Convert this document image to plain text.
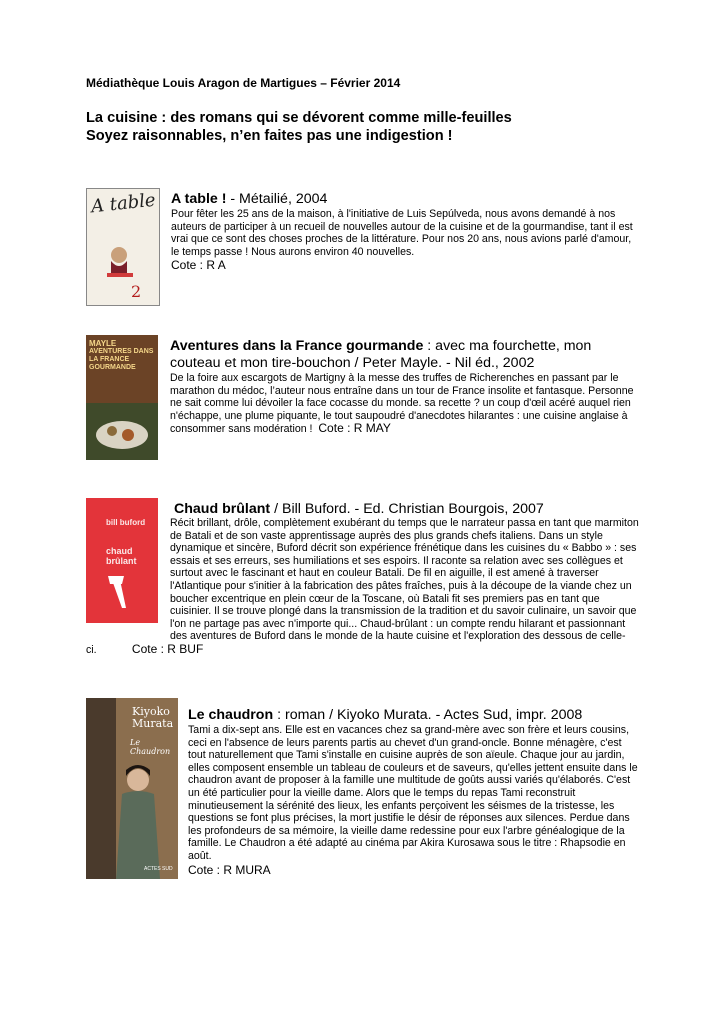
Médiathèque Louis Aragon de Martigues – Février 2014
La cuisine : des romans qui se dévorent comme mille-feuilles
Soyez raisonnables, n’en faites pas une indigestion !
A table
2
A table ! - Métailié, 2004
Pour fêter les 25 ans de la maison, à l'initiative de Luis Sepúlveda, nous avons demandé à nos auteurs de participer à un recueil de nouvelles autour de la cuisine et de la gourmandise, tant il est vrai que ce sont des choses proches de la littérature. Pour nos 20 ans, nous avions parlé d'amour, le temps passe ! Nous aurons environ 40 nouvelles.
Cote : R A
MAYLE
AVENTURES DANS LA FRANCE GOURMANDE
Aventures dans la France gourmande : avec ma fourchette, mon couteau et mon tire-bouchon / Peter Mayle. - Nil éd., 2002
De la foire aux escargots de Martigny à la messe des truffes de Richerenches en passant par le marathon du médoc, l’auteur nous entraîne dans un tour de France insolite et fantasque. Personne ne sait comme lui dévoiler la face cocasse du monde. sa recette ? un coup d'œil acéré auquel rien n'échappe, une plume piquante, le tout saupoudré d'anecdotes hilarantes : une cuisine anglaise à consommer sans modération ! Cote : R MAY
bill buford
chaud brûlant
Chaud brûlant / Bill Buford. - Ed. Christian Bourgois, 2007
Récit brillant, drôle, complètement exubérant du temps que le narrateur passa en tant que marmiton de Batali et de son vaste apprentissage auprès des plus grands chefs italiens. Dans un style dynamique et sincère, Buford décrit son expérience frénétique dans les cuisines du « Babbo » : ses essais et ses erreurs, ses humiliations et ses espoirs. Il raconte sa relation avec ses collègues et surtout avec le fascinant et haut en couleur Batali. De fil en aiguille, il est amené à traverser l'Atlantique pour s'initier à la fabrication des pâtes fraîches, puis à la découpe de la viande chez un boucher excentrique en plein cœur de la Toscane, où Batali fit ses premiers pas en tant que cuisinier. Il se trouve plongé dans la transmission de la tradition et du savoir culinaire, un savoir que l'on ne partage pas avec n'importe qui... Chaud-brûlant : un compte rendu hilarant et passionnant des aventures de Buford dans le monde de la haute cuisine et l'exploration des dessous de celle-ci.	Cote : R BUF
Kiyoko Murata
Le Chaudron
ACTES SUD
Le chaudron : roman / Kiyoko Murata. - Actes Sud, impr. 2008
Tami a dix-sept ans. Elle est en vacances chez sa grand-mère avec son frère et leurs cousins, ceci en l'absence de leurs parents partis au chevet d'un grand-oncle. Bonne ménagère, c'est tout naturellement que Tami s'installe en cuisine auprès de son aïeule. Chaque jour au jardin, elles composent ensemble un tableau de couleurs et de saveurs, qu'elles jettent ensuite dans le chaudron avant de proposer à la famille une multitude de goûts aussi variés qu'élaborés. C'est un été particulier pour la vieille dame. Alors que le temps du repas Tami reconstruit minutieusement la sérénité des lieux, les enfants perçoivent les séismes de la tristesse, les questions se font plus précises, la mort justifie le désir de réponses aux silences. Perdue dans les profondeurs de sa mémoire, la vieille dame redessine pour eux l'arbre généalogique de la famille. Le Chaudron a été adapté au cinéma par Akira Kurosawa sous le titre : Rhapsodie en août.
Cote : R MURA
